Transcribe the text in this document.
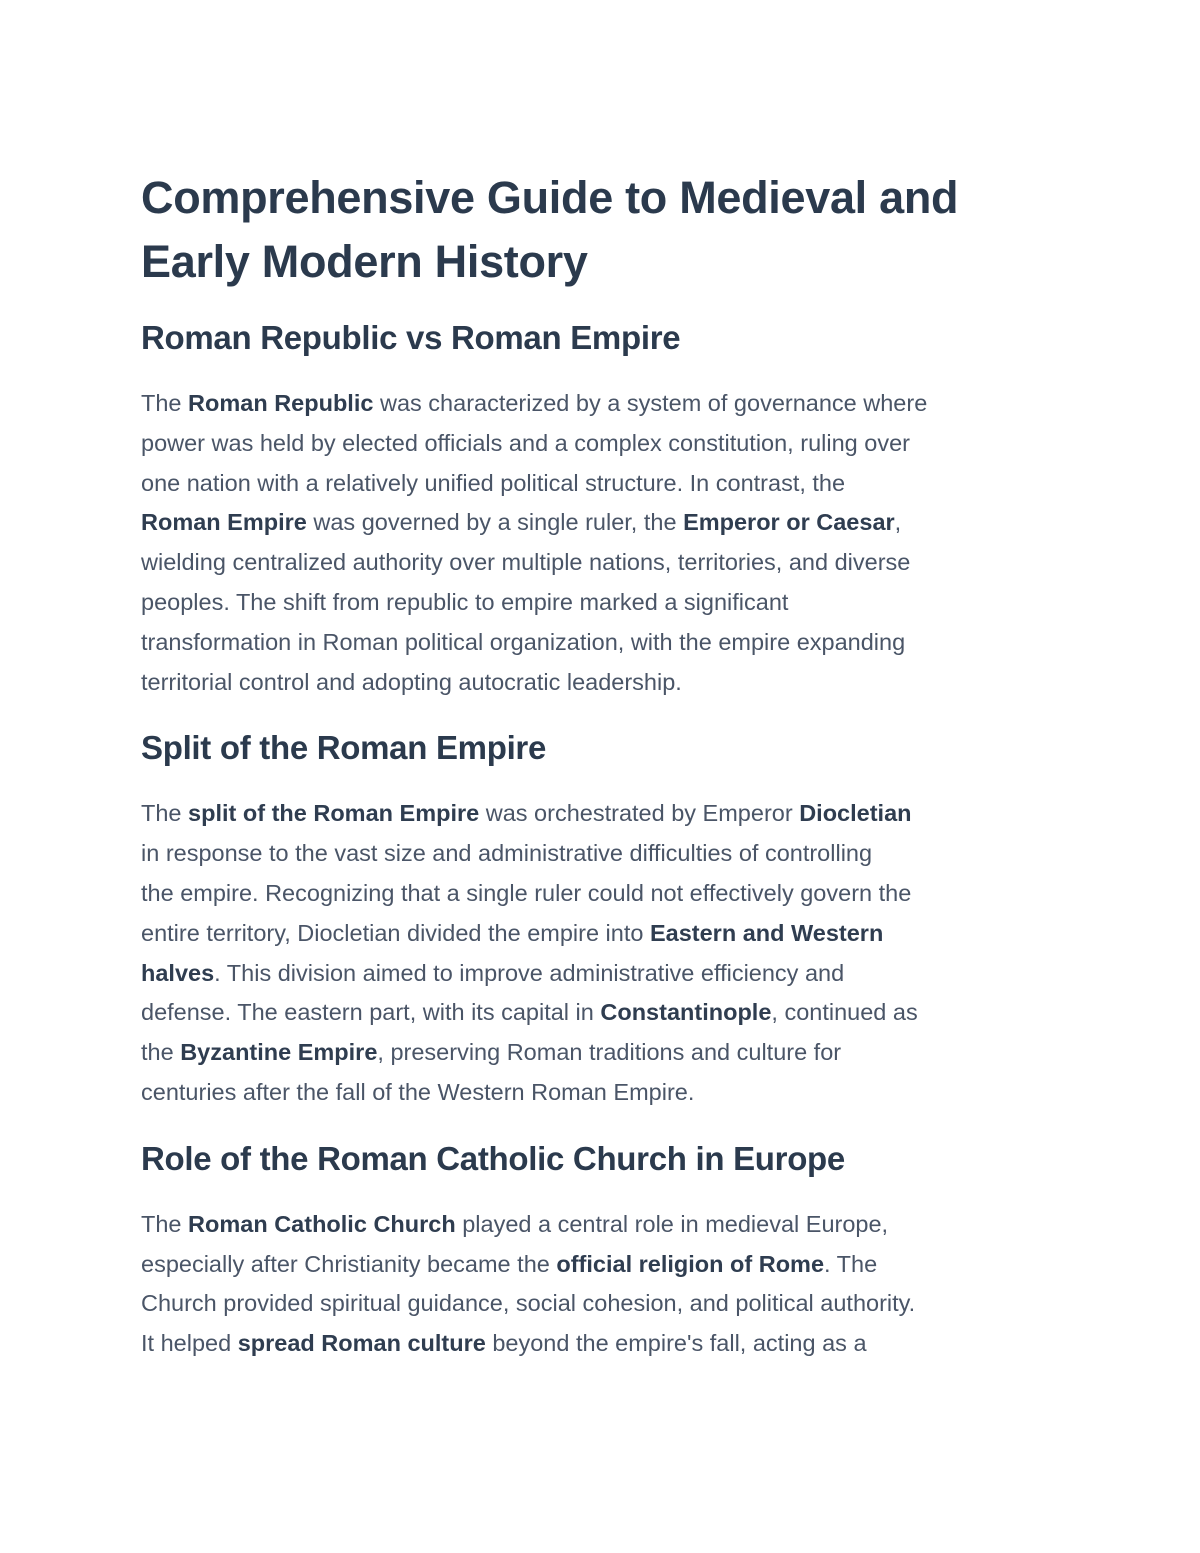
Comprehensive Guide to Medieval and
Early Modern History
Roman Republic vs Roman Empire
The Roman Republic was characterized by a system of governance where
power was held by elected officials and a complex constitution, ruling over
one nation with a relatively unified political structure. In contrast, the
Roman Empire was governed by a single ruler, the Emperor or Caesar,
wielding centralized authority over multiple nations, territories, and diverse
peoples. The shift from republic to empire marked a significant
transformation in Roman political organization, with the empire expanding
territorial control and adopting autocratic leadership.
Split of the Roman Empire
The split of the Roman Empire was orchestrated by Emperor Diocletian
in response to the vast size and administrative difficulties of controlling
the empire. Recognizing that a single ruler could not effectively govern the
entire territory, Diocletian divided the empire into Eastern and Western
halves. This division aimed to improve administrative efficiency and
defense. The eastern part, with its capital in Constantinople, continued as
the Byzantine Empire, preserving Roman traditions and culture for
centuries after the fall of the Western Roman Empire.
Role of the Roman Catholic Church in Europe
The Roman Catholic Church played a central role in medieval Europe,
especially after Christianity became the official religion of Rome. The
Church provided spiritual guidance, social cohesion, and political authority.
It helped spread Roman culture beyond the empire's fall, acting as a
